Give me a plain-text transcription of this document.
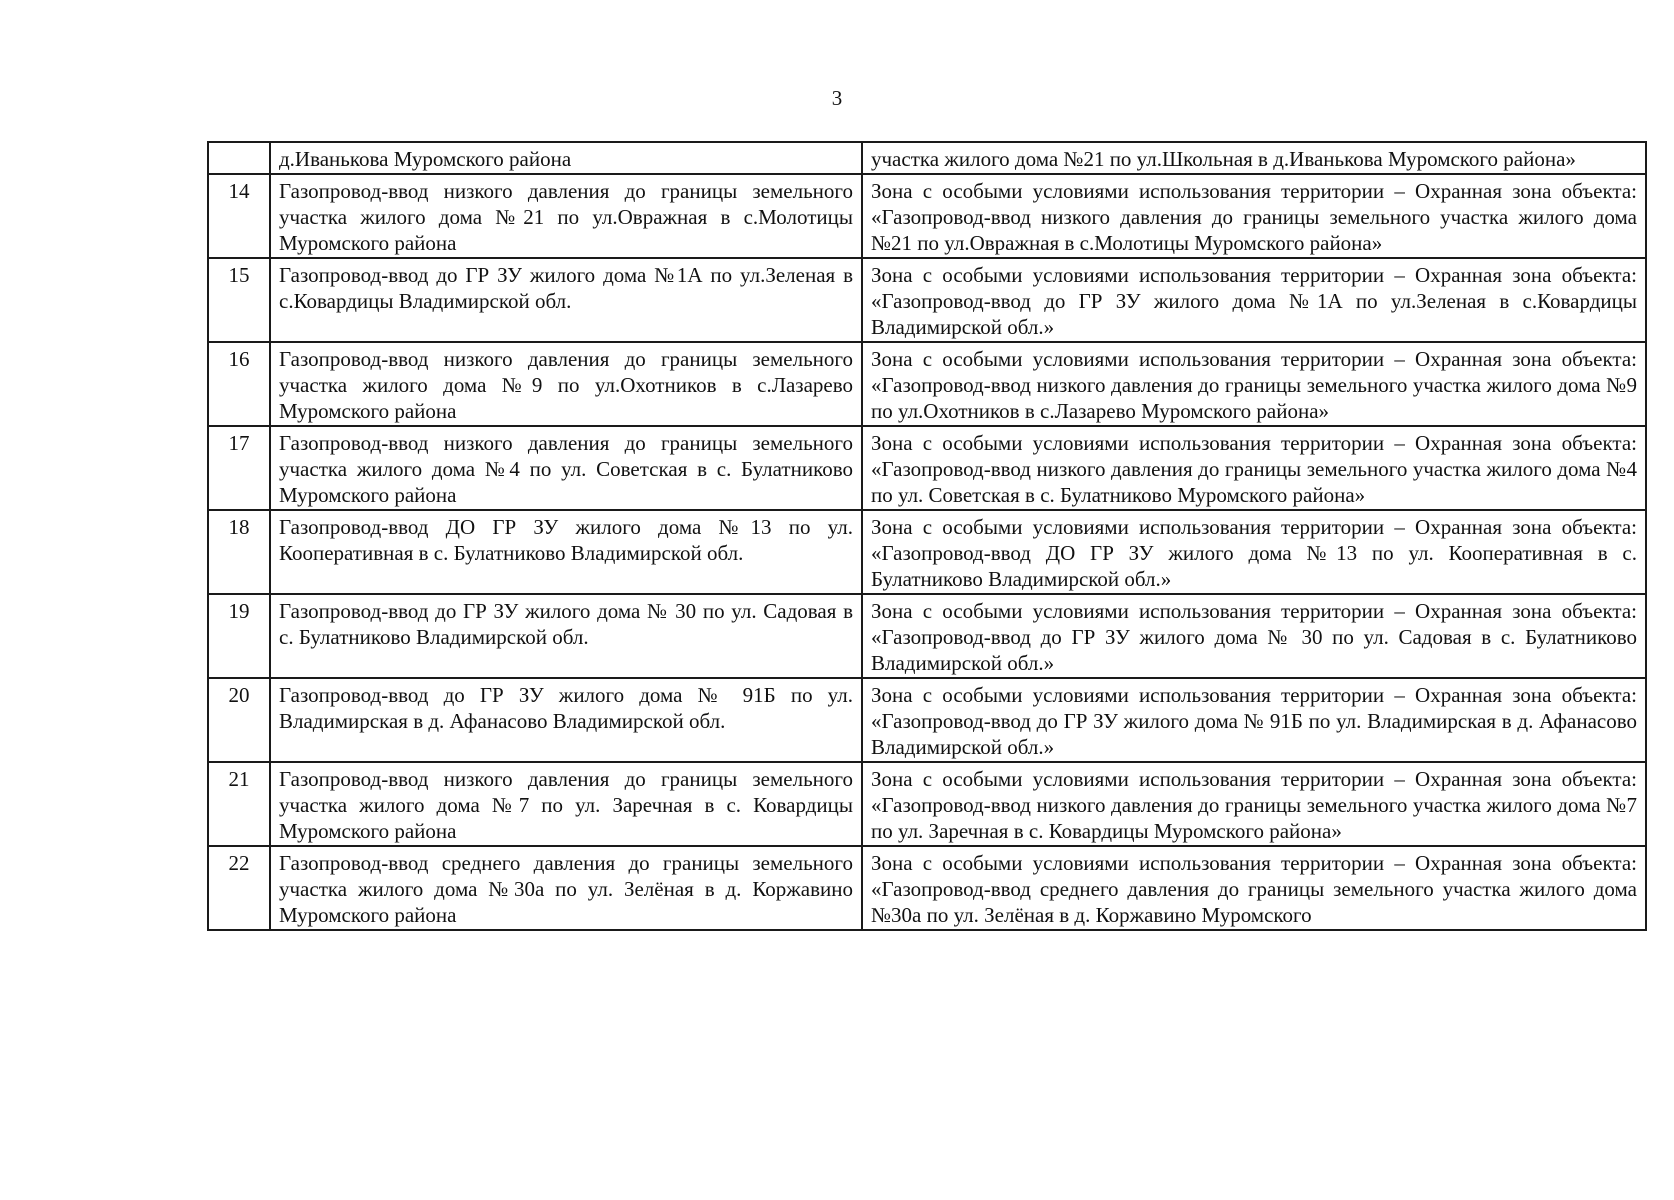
3
	д.Иванькова Муромского района	участка жилого дома №21 по ул.Школьная в д.Иванькова Муромского района»
14	Газопровод-ввод низкого давления до границы земельного участка жилого дома №21 по ул.Овражная в с.Молотицы Муромского района	Зона с особыми условиями использования территории – Охранная зона объекта: «Газопровод-ввод низкого давления до границы земельного участка жилого дома №21 по ул.Овражная в с.Молотицы Муромского района»
15	Газопровод-ввод до ГР ЗУ жилого дома №1А по ул.Зеленая в с.Ковардицы Владимирской обл.	Зона с особыми условиями использования территории – Охранная зона объекта: «Газопровод-ввод до ГР ЗУ жилого дома №1А по ул.Зеленая в с.Ковардицы Владимирской обл.»
16	Газопровод-ввод низкого давления до границы земельного участка жилого дома №9 по ул.Охотников в с.Лазарево Муромского района	Зона с особыми условиями использования территории – Охранная зона объекта: «Газопровод-ввод низкого давления до границы земельного участка жилого дома №9 по ул.Охотников в с.Лазарево Муромского района»
17	Газопровод-ввод низкого давления до границы земельного участка жилого дома №4 по ул. Советская в с. Булатниково Муромского района	Зона с особыми условиями использования территории – Охранная зона объекта: «Газопровод-ввод низкого давления до границы земельного участка жилого дома №4 по ул. Советская в с. Булатниково Муромского района»
18	Газопровод-ввод ДО ГР ЗУ жилого дома №13 по ул. Кооперативная в с. Булатниково Владимирской обл.	Зона с особыми условиями использования территории – Охранная зона объекта: «Газопровод-ввод ДО ГР ЗУ жилого дома №13 по ул. Кооперативная в с. Булатниково Владимирской обл.»
19	Газопровод-ввод до ГР ЗУ жилого дома № 30 по ул. Садовая в с. Булатниково Владимирской обл.	Зона с особыми условиями использования территории – Охранная зона объекта: «Газопровод-ввод до ГР ЗУ жилого дома № 30 по ул. Садовая в с. Булатниково Владимирской обл.»
20	Газопровод-ввод до ГР ЗУ жилого дома № 91Б по ул. Владимирская в д. Афанасово Владимирской обл.	Зона с особыми условиями использования территории – Охранная зона объекта: «Газопровод-ввод до ГР ЗУ жилого дома № 91Б по ул. Владимирская в д. Афанасово Владимирской обл.»
21	Газопровод-ввод низкого давления до границы земельного участка жилого дома №7 по ул. Заречная в с. Ковардицы Муромского района	Зона с особыми условиями использования территории – Охранная зона объекта: «Газопровод-ввод низкого давления до границы земельного участка жилого дома №7 по ул. Заречная в с. Ковардицы Муромского района»
22	Газопровод-ввод среднего давления до границы земельного участка жилого дома №30а по ул. Зелёная в д. Коржавино Муромского района	Зона с особыми условиями использования территории – Охранная зона объекта: «Газопровод-ввод среднего давления до границы земельного участка жилого дома №30а по ул. Зелёная в д. Коржавино Муромского
